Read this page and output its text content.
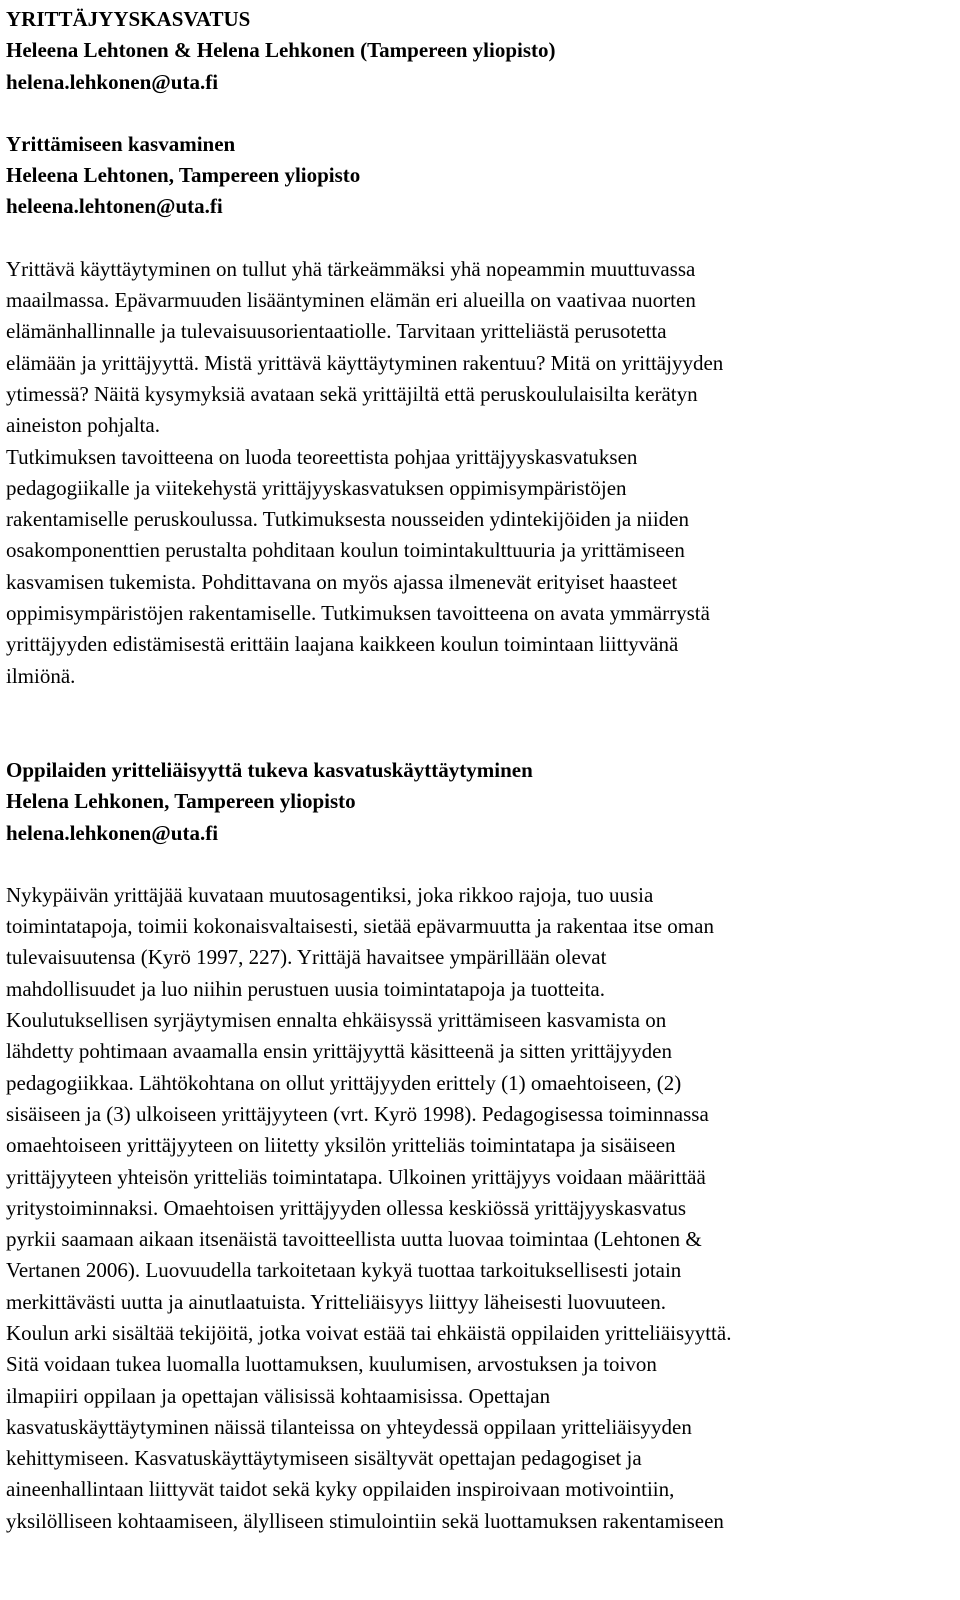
YRITTÄJYYSKASVATUS

Heleena Lehtonen & Helena Lehkonen (Tampereen yliopisto)

helena.lehkonen@uta.fi

Yrittämiseen kasvaminen

Heleena Lehtonen, Tampereen yliopisto

heleena.lehtonen@uta.fi

Yrittävä käyttäytyminen on tullut yhä tärkeämmäksi yhä nopeammin muuttuvassa

maailmassa. Epävarmuuden lisääntyminen elämän eri alueilla on vaativaa nuorten

elämänhallinnalle ja tulevaisuusorientaatiolle. Tarvitaan yritteliästä perusotetta

elämään ja yrittäjyyttä. Mistä yrittävä käyttäytyminen rakentuu? Mitä on yrittäjyyden

ytimessä? Näitä kysymyksiä avataan sekä yrittäjiltä että peruskoululaisilta kerätyn

aineiston pohjalta.

Tutkimuksen tavoitteena on luoda teoreettista pohjaa yrittäjyyskasvatuksen

pedagogiikalle ja viitekehystä yrittäjyyskasvatuksen oppimisympäristöjen

rakentamiselle peruskoulussa. Tutkimuksesta nousseiden ydintekijöiden ja niiden

osakomponenttien perustalta pohditaan koulun toimintakulttuuria ja yrittämiseen

kasvamisen tukemista. Pohdittavana on myös ajassa ilmenevät erityiset haasteet

oppimisympäristöjen rakentamiselle. Tutkimuksen tavoitteena on avata ymmärrystä

yrittäjyyden edistämisestä erittäin laajana kaikkeen koulun toimintaan liittyvänä

ilmiönä.

Oppilaiden yritteliäisyyttä tukeva kasvatuskäyttäytyminen

Helena Lehkonen, Tampereen yliopisto

helena.lehkonen@uta.fi

Nykypäivän yrittäjää kuvataan muutosagentiksi, joka rikkoo rajoja, tuo uusia

toimintatapoja, toimii kokonaisvaltaisesti, sietää epävarmuutta ja rakentaa itse oman

tulevaisuutensa (Kyrö 1997, 227). Yrittäjä havaitsee ympärillään olevat

mahdollisuudet ja luo niihin perustuen uusia toimintatapoja ja tuotteita.

Koulutuksellisen syrjäytymisen ennalta ehkäisyssä yrittämiseen kasvamista on

lähdetty pohtimaan avaamalla ensin yrittäjyyttä käsitteenä ja sitten yrittäjyyden

pedagogiikkaa. Lähtökohtana on ollut yrittäjyyden erittely (1) omaehtoiseen, (2)

sisäiseen ja (3) ulkoiseen yrittäjyyteen (vrt. Kyrö 1998). Pedagogisessa toiminnassa

omaehtoiseen yrittäjyyteen on liitetty yksilön yritteliäs toimintatapa ja sisäiseen

yrittäjyyteen yhteisön yritteliäs toimintatapa. Ulkoinen yrittäjyys voidaan määrittää

yritystoiminnaksi. Omaehtoisen yrittäjyyden ollessa keskiössä yrittäjyyskasvatus

pyrkii saamaan aikaan itsenäistä tavoitteellista uutta luovaa toimintaa (Lehtonen &

Vertanen 2006). Luovuudella tarkoitetaan kykyä tuottaa tarkoituksellisesti jotain

merkittävästi uutta ja ainutlaatuista. Yritteliäisyys liittyy läheisesti luovuuteen.

Koulun arki sisältää tekijöitä, jotka voivat estää tai ehkäistä oppilaiden yritteliäisyyttä.

Sitä voidaan tukea luomalla luottamuksen, kuulumisen, arvostuksen ja toivon

ilmapiiri oppilaan ja opettajan välisissä kohtaamisissa. Opettajan

kasvatuskäyttäytyminen näissä tilanteissa on yhteydessä oppilaan yritteliäisyyden

kehittymiseen. Kasvatuskäyttäytymiseen sisältyvät opettajan pedagogiset ja

aineenhallintaan liittyvät taidot sekä kyky oppilaiden inspiroivaan motivointiin,

yksilölliseen kohtaamiseen, älylliseen stimulointiin sekä luottamuksen rakentamiseen
